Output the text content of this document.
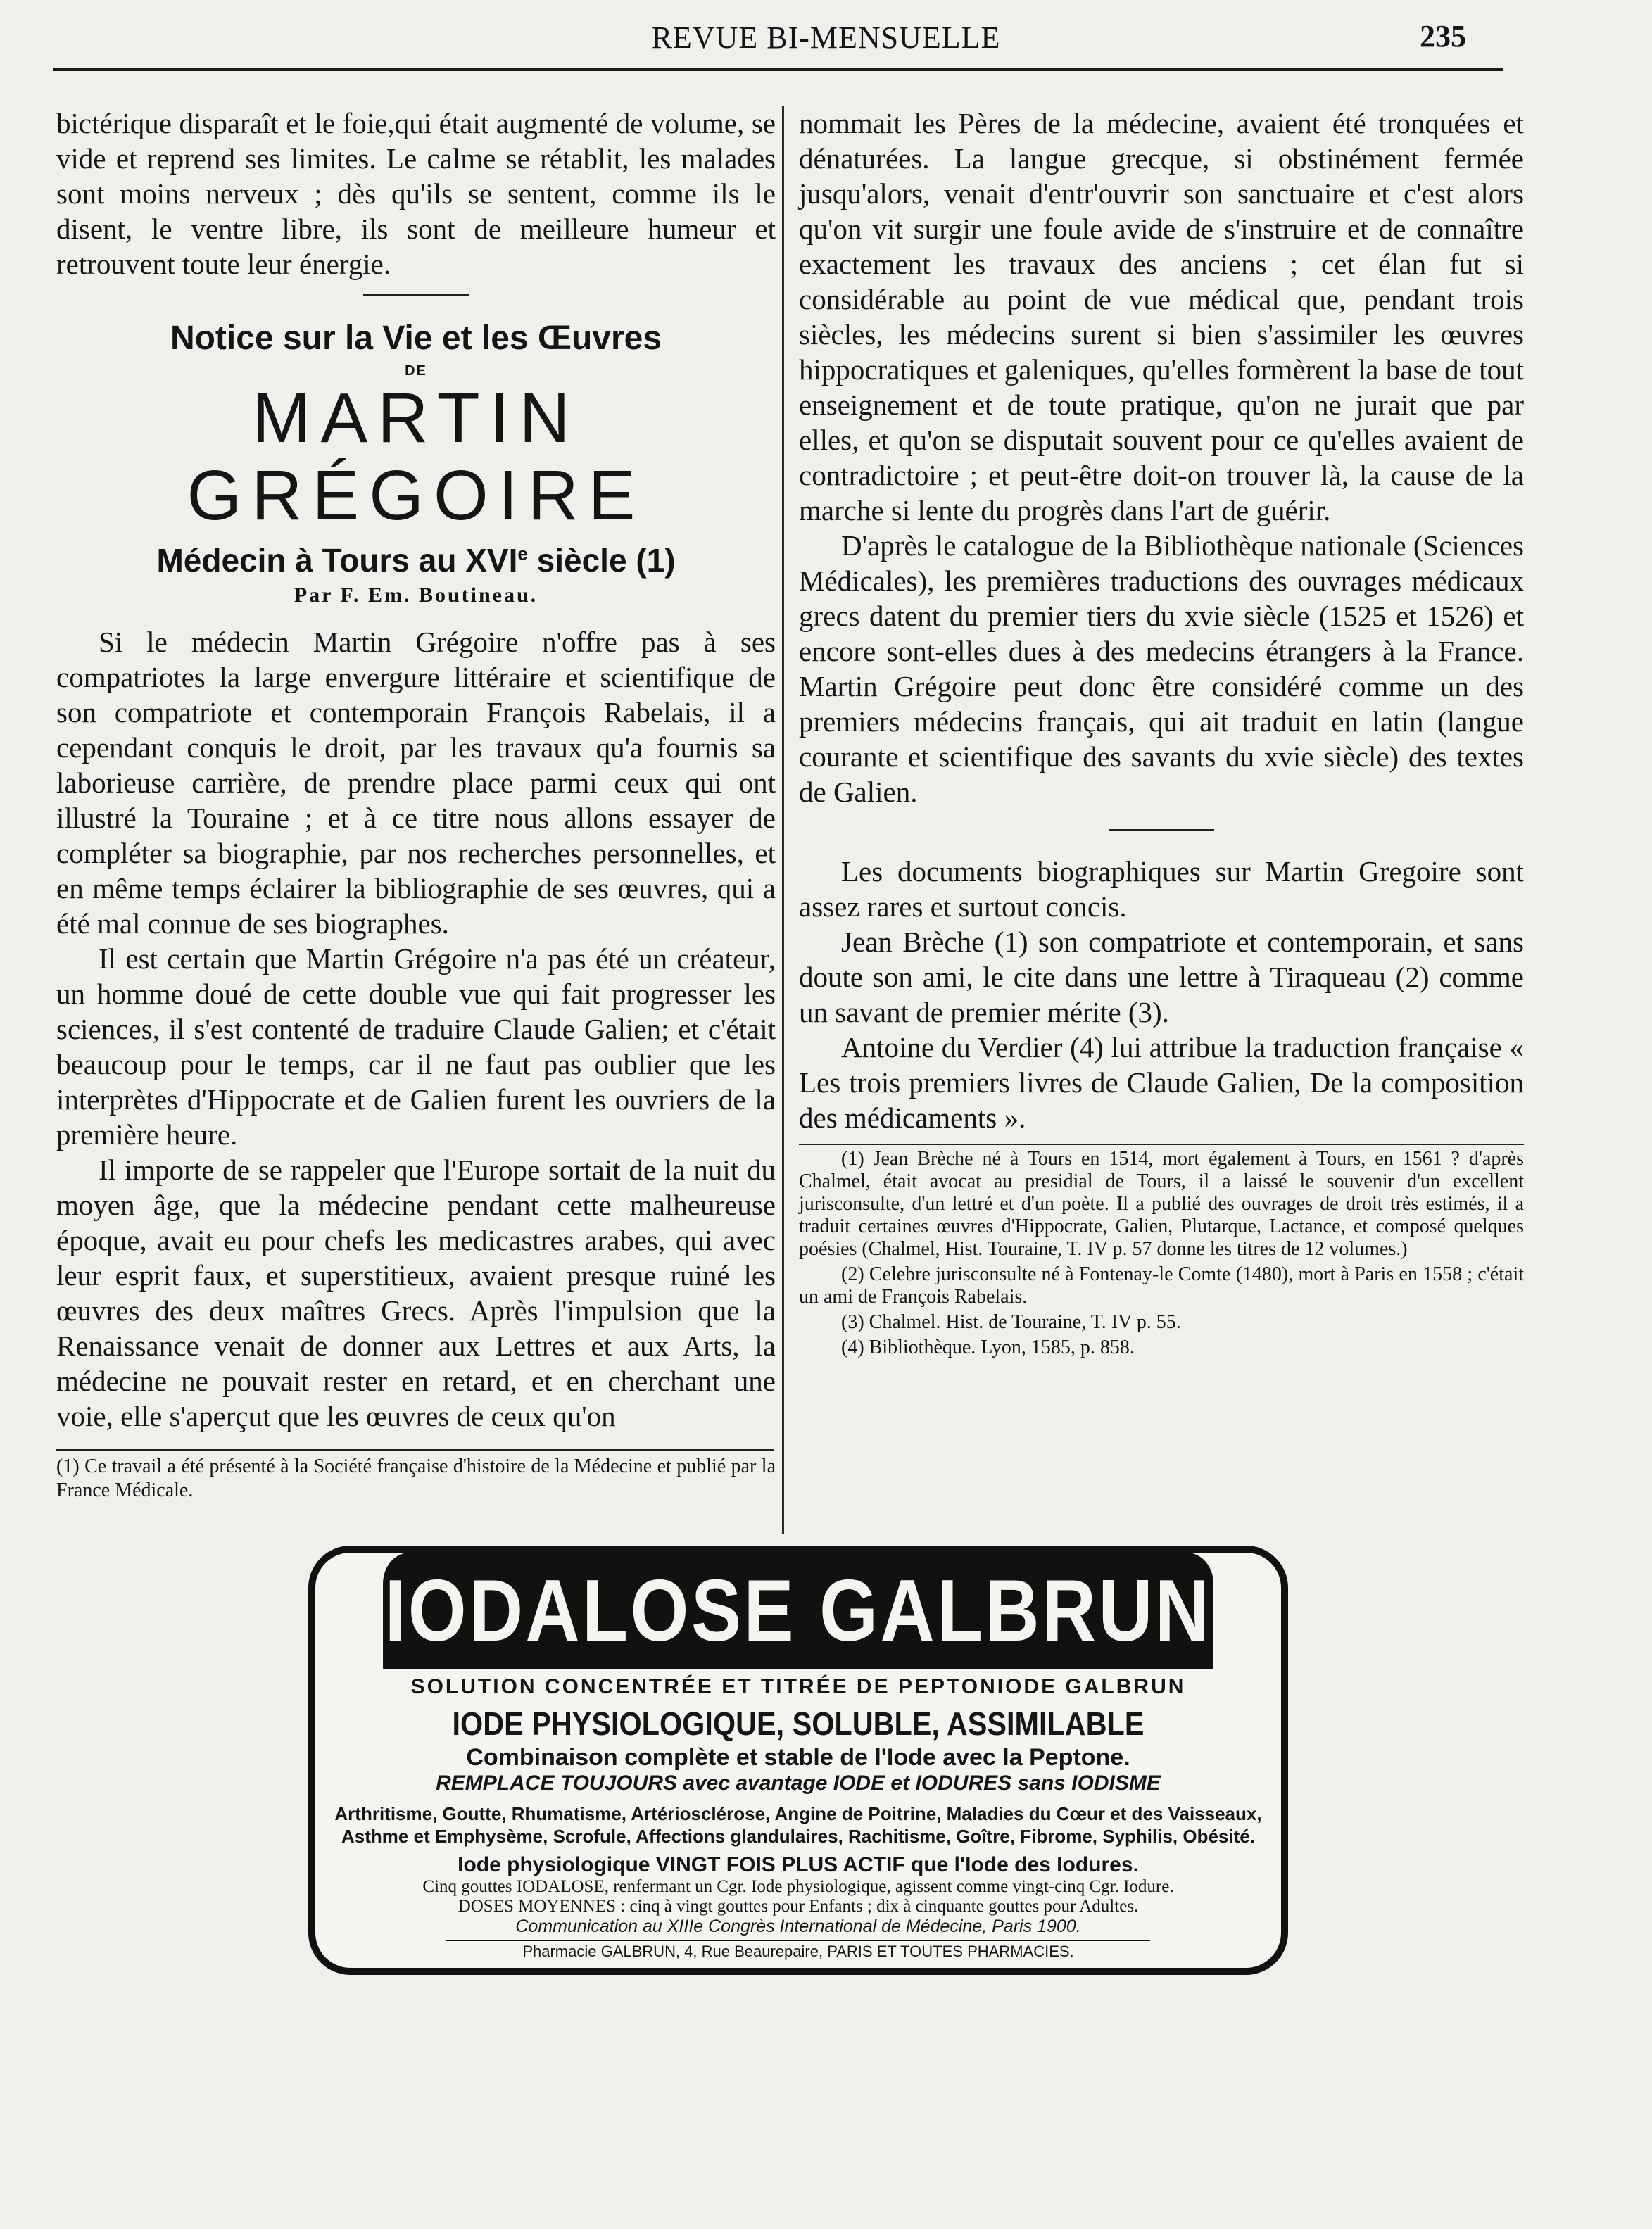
REVUE BI-MENSUELLE	235

bictérique disparaît et le foie,qui était augmenté de volume, se vide et reprend ses limites. Le calme se rétablit, les malades sont moins nerveux ; dès qu'ils se sentent, comme ils le disent, le ventre libre, ils sont de meilleure humeur et retrouvent toute leur énergie.

Notice sur la Vie et les Œuvres
DE
MARTIN GRÉGOIRE
Médecin à Tours au XVIe siècle (1)
Par F. Em. Boutineau.

Si le médecin Martin Grégoire n'offre pas à ses compatriotes la large envergure littéraire et scientifique de son compatriote et contemporain François Rabelais, il a cependant conquis le droit, par les travaux qu'a fournis sa laborieuse carrière, de prendre place parmi ceux qui ont illustré la Touraine ; et à ce titre nous allons essayer de compléter sa biographie, par nos recherches personnelles, et en même temps éclairer la bibliographie de ses œuvres, qui a été mal connue de ses biographes.

Il est certain que Martin Grégoire n'a pas été un créateur, un homme doué de cette double vue qui fait progresser les sciences, il s'est contenté de traduire Claude Galien; et c'était beaucoup pour le temps, car il ne faut pas oublier que les interprètes d'Hippocrate et de Galien furent les ouvriers de la première heure.

Il importe de se rappeler que l'Europe sortait de la nuit du moyen âge, que la médecine pendant cette malheureuse époque, avait eu pour chefs les medicastres arabes, qui avec leur esprit faux, et superstitieux, avaient presque ruiné les œuvres des deux maîtres Grecs. Après l'impulsion que la Renaissance venait de donner aux Lettres et aux Arts, la médecine ne pouvait rester en retard, et en cherchant une voie, elle s'aperçut que les œuvres de ceux qu'on

(1) Ce travail a été présenté à la Société française d'histoire de la Médecine et publié par la France Médicale.

nommait les Pères de la médecine, avaient été tronquées et dénaturées. La langue grecque, si obstinément fermée jusqu'alors, venait d'entr'ouvrir son sanctuaire et c'est alors qu'on vit surgir une foule avide de s'instruire et de connaître exactement les travaux des anciens ; cet élan fut si considérable au point de vue médical que, pendant trois siècles, les médecins surent si bien s'assimiler les œuvres hippocratiques et galeniques, qu'elles formèrent la base de tout enseignement et de toute pratique, qu'on ne jurait que par elles, et qu'on se disputait souvent pour ce qu'elles avaient de contradictoire ; et peut-être doit-on trouver là, la cause de la marche si lente du progrès dans l'art de guérir.

D'après le catalogue de la Bibliothèque nationale (Sciences Médicales), les premières traductions des ouvrages médicaux grecs datent du premier tiers du xvie siècle (1525 et 1526) et encore sont-elles dues à des medecins étrangers à la France. Martin Grégoire peut donc être considéré comme un des premiers médecins français, qui ait traduit en latin (langue courante et scientifique des savants du xvie siècle) des textes de Galien.

Les documents biographiques sur Martin Gregoire sont assez rares et surtout concis.

Jean Brèche (1) son compatriote et contemporain, et sans doute son ami, le cite dans une lettre à Tiraqueau (2) comme un savant de premier mérite (3).

Antoine du Verdier (4) lui attribue la traduction française « Les trois premiers livres de Claude Galien, De la composition des médicaments ».

(1) Jean Brèche né à Tours en 1514, mort également à Tours, en 1561 ? d'après Chalmel, était avocat au presidial de Tours, il a laissé le souvenir d'un excellent jurisconsulte, d'un lettré et d'un poète. Il a publié des ouvrages de droit très estimés, il a traduit certaines œuvres d'Hippocrate, Galien, Plutarque, Lactance, et composé quelques poésies (Chalmel, Hist. Touraine, T. IV p. 57 donne les titres de 12 volumes.)

(2) Celebre jurisconsulte né à Fontenay-le Comte (1480), mort à Paris en 1558 ; c'était un ami de François Rabelais.

(3) Chalmel. Hist. de Touraine, T. IV p. 55.

(4) Bibliothèque. Lyon, 1585, p. 858.

IODALOSE GALBRUN
SOLUTION CONCENTRÉE ET TITRÉE DE PEPTONIODE GALBRUN
IODE PHYSIOLOGIQUE, SOLUBLE, ASSIMILABLE
Combinaison complète et stable de l'Iode avec la Peptone.
REMPLACE TOUJOURS avec avantage IODE et IODURES sans IODISME
Arthritisme, Goutte, Rhumatisme, Artériosclérose, Angine de Poitrine, Maladies du Cœur et des Vaisseaux, Asthme et Emphysème, Scrofule, Affections glandulaires, Rachitisme, Goître, Fibrome, Syphilis, Obésité.
Iode physiologique VINGT FOIS PLUS ACTIF que l'Iode des Iodures.
Cinq gouttes IODALOSE, renfermant un Cgr. Iode physiologique, agissent comme vingt-cinq Cgr. Iodure.
DOSES MOYENNES : cinq à vingt gouttes pour Enfants ; dix à cinquante gouttes pour Adultes.
Communication au XIIIe Congrès International de Médecine, Paris 1900.
Pharmacie GALBRUN, 4, Rue Beaurepaire, PARIS ET TOUTES PHARMACIES.
